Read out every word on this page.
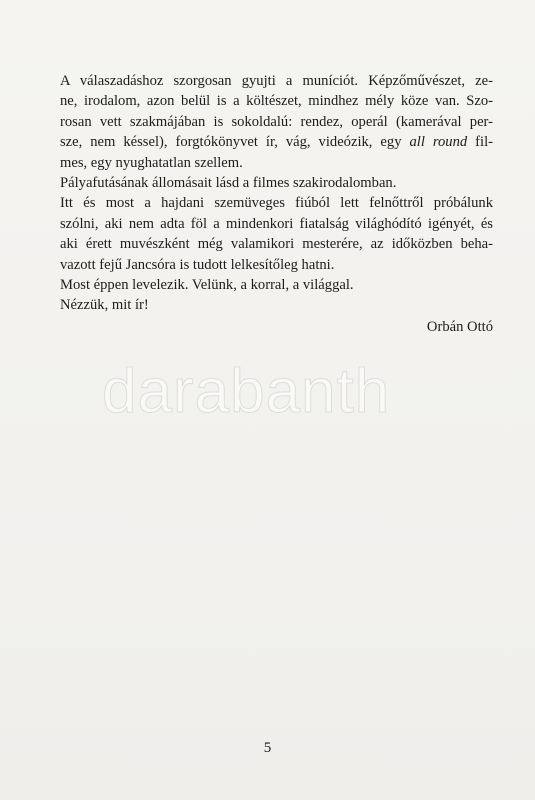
A válaszadáshoz szorgosan gyujti a muníciót. Képzőművészet, ze-
ne, irodalom, azon belül is a költészet, mindhez mély köze van. Szo-
rosan vett szakmájában is sokoldalú: rendez, operál (kamerával per-
sze, nem késsel), forgtókönyvet ír, vág, videózik, egy all round fil-
mes, egy nyughatatlan szellem.

Pályafutásának állomásait lásd a filmes szakirodalomban.

Itt és most a hajdani szemüveges fiúból lett felnőttről próbálunk
szólni, aki nem adta föl a mindenkori fiatalság világhódító igényét, és
aki érett muvészként még valamikori mesterére, az időközben beha-
vazott fejű Jancsóra is tudott lelkesítőleg hatni.

Most éppen levelezik. Velünk, a korral, a világgal.

Nézzük, mit ír!

Orbán Ottó
darabanth
5
